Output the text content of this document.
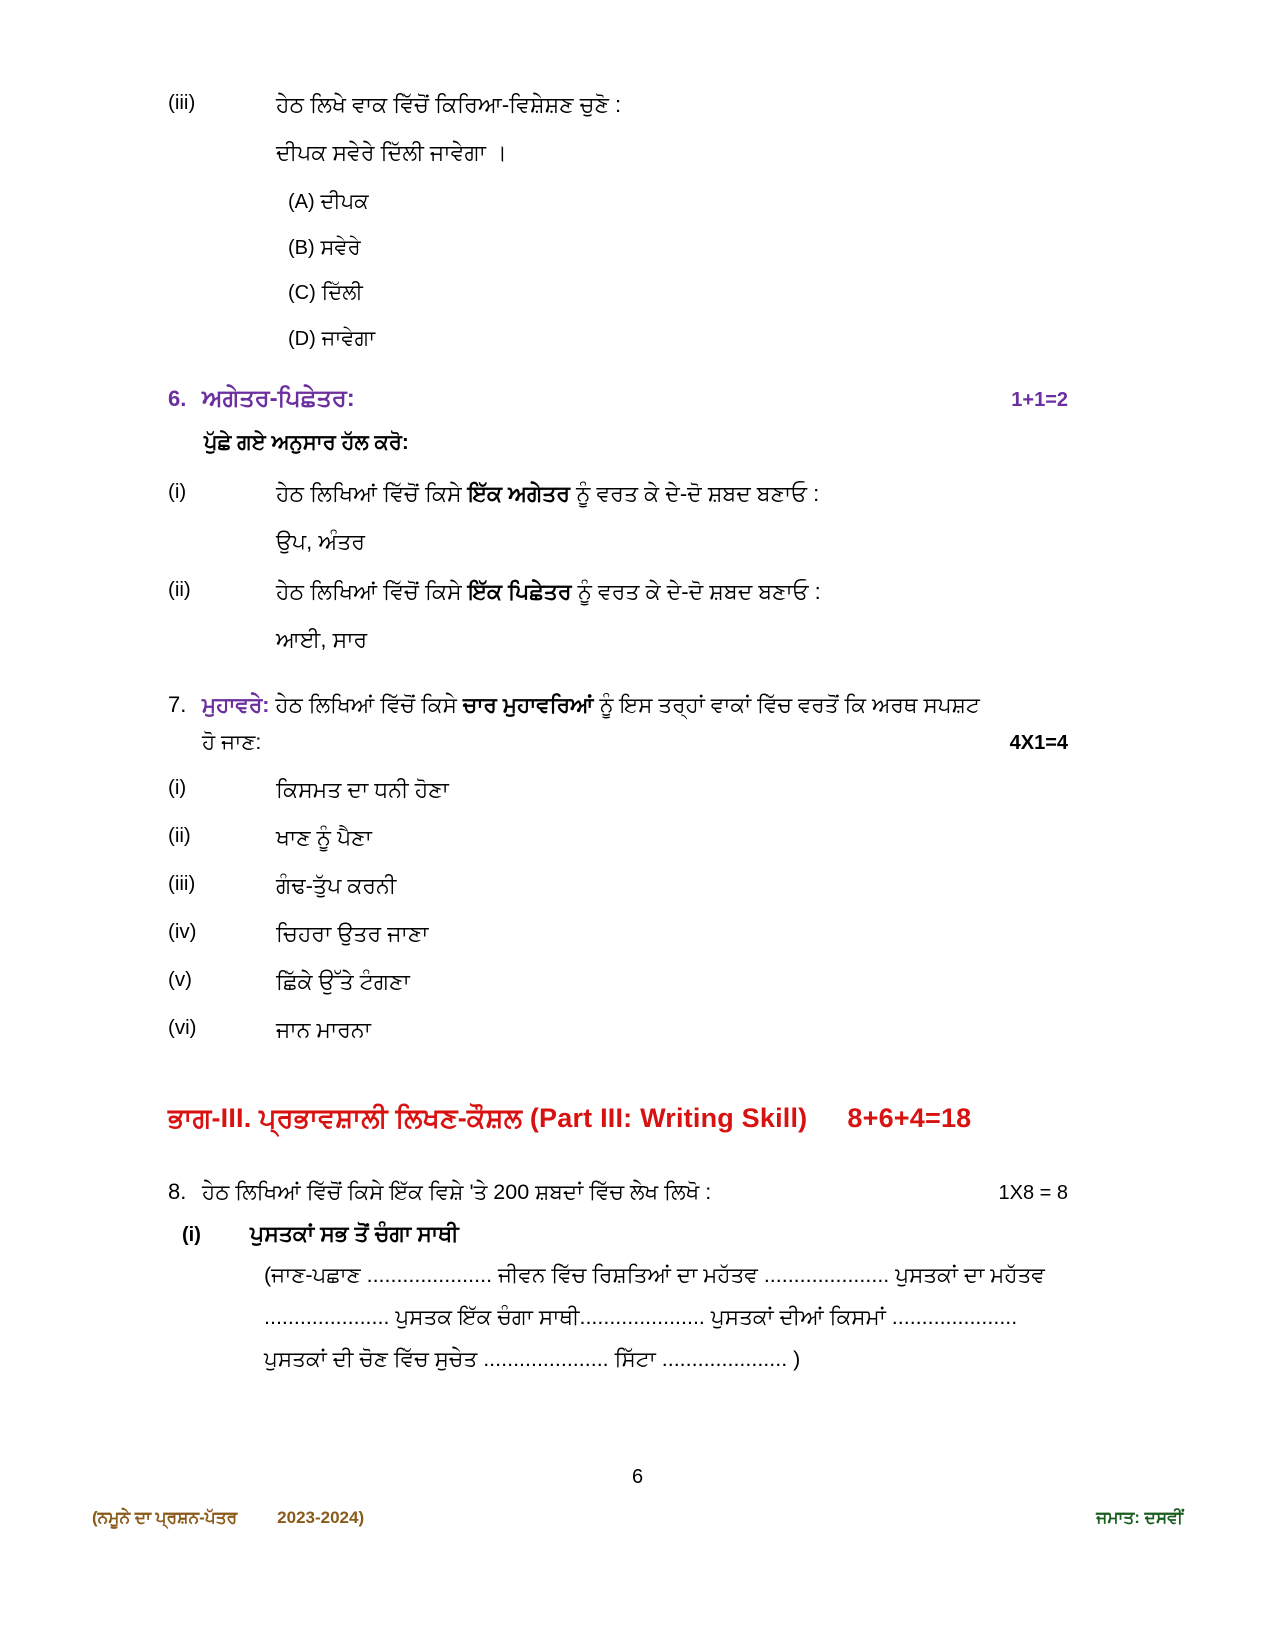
(iii)	ਹੇਠ ਲਿਖੇ ਵਾਕ ਵਿੱਚੋਂ ਕਿਰਿਆ-ਵਿਸ਼ੇਸ਼ਣ ਚੁਣੋ :
ਦੀਪਕ ਸਵੇਰੇ ਦਿੱਲੀ ਜਾਵੇਗਾ ।
(A) ਦੀਪਕ
(B) ਸਵੇਰੇ
(C) ਦਿੱਲੀ
(D) ਜਾਵੇਗਾ
6. ਅਗੇਤਰ-ਪਿਛੇਤਰ:	1+1=2
ਪੁੱਛੇ ਗਏ ਅਨੁਸਾਰ ਹੱਲ ਕਰੋ:
(i)	ਹੇਠ ਲਿਖਿਆਂ ਵਿੱਚੋਂ ਕਿਸੇ ਇੱਕ ਅਗੇਤਰ ਨੂੰ ਵਰਤ ਕੇ ਦੇ-ਦੋ ਸ਼ਬਦ ਬਣਾਓ :
ਉਪ, ਅੰਤਰ
(ii)	ਹੇਠ ਲਿਖਿਆਂ ਵਿੱਚੋਂ ਕਿਸੇ ਇੱਕ ਪਿਛੇਤਰ ਨੂੰ ਵਰਤ ਕੇ ਦੇ-ਦੋ ਸ਼ਬਦ ਬਣਾਓ :
ਆਈ, ਸਾਰ
7. ਮੁਹਾਵਰੇ: ਹੇਠ ਲਿਖਿਆਂ ਵਿੱਚੋਂ ਕਿਸੇ ਚਾਰ ਮੁਹਾਵਰਿਆਂ ਨੂੰ ਇਸ ਤਰ੍ਹਾਂ ਵਾਕਾਂ ਵਿੱਚ ਵਰਤੋਂ ਕਿ ਅਰਥ ਸਪਸ਼ਟ
ਹੋ ਜਾਣ:	4X1=4
(i)	ਕਿਸਮਤ ਦਾ ਧਨੀ ਹੋਣਾ
(ii)	ਖਾਣ ਨੂੰ ਪੈਣਾ
(iii)	ਗੰਢ-ਤੁੱਪ ਕਰਨੀ
(iv)	ਚਿਹਰਾ ਉਤਰ ਜਾਣਾ
(v)	ਛਿੱਕੇ ਉੱਤੇ ਟੰਗਣਾ
(vi)	ਜਾਨ ਮਾਰਨਾ
ਭਾਗ-III. ਪ੍ਰਭਾਵਸ਼ਾਲੀ ਲਿਖਣ-ਕੌਸ਼ਲ (Part III: Writing Skill) 8+6+4=18
8. ਹੇਠ ਲਿਖਿਆਂ ਵਿੱਚੋਂ ਕਿਸੇ ਇੱਕ ਵਿਸ਼ੇ 'ਤੇ 200 ਸ਼ਬਦਾਂ ਵਿੱਚ ਲੇਖ ਲਿਖੋ :	1X8 = 8
(i)	ਪੁਸਤਕਾਂ ਸਭ ਤੋਂ ਚੰਗਾ ਸਾਥੀ
(ਜਾਣ-ਪਛਾਣ ..................... ਜੀਵਨ ਵਿੱਚ ਰਿਸ਼ਤਿਆਂ ਦਾ ਮਹੱਤਵ ..................... ਪੁਸਤਕਾਂ ਦਾ ਮਹੱਤਵ ..................... ਪੁਸਤਕ ਇੱਕ ਚੰਗਾ ਸਾਥੀ..................... ਪੁਸਤਕਾਂ ਦੀਆਂ ਕਿਸਮਾਂ ..................... ਪੁਸਤਕਾਂ ਦੀ ਚੋਣ ਵਿੱਚ ਸੁਚੇਤ ..................... ਸਿੱਟਾ ..................... )
6
(ਨਮੂਨੇ ਦਾ ਪ੍ਰਸ਼ਨ-ਪੱਤਰ 2023-2024)	ਜਮਾਤ: ਦਸਵੀਂ
